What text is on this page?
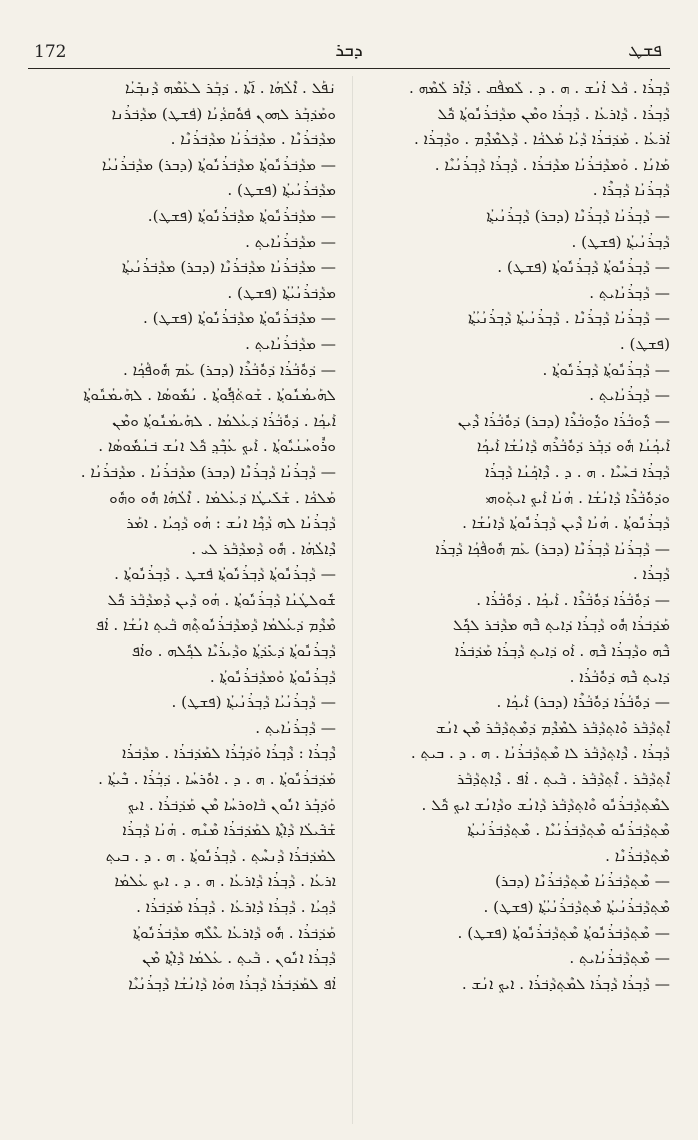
172	ܕܒܪ	ܦܫܛ
ܢ݁ܦܰܠ . ܐܶܠܳܗܳܐ . ܐ݇ܬܳܐ . ܕ݁ܒ݂ܰܪ ܠܥܰܡܶܗ ܕ݁ܰܢܒ݂ܺܝܳܐ
ܘܡܰܕ݁ܒ݂ܰܪ ܠܗܘܢ ܦ݁ܘܽܩܕ݁ܳܢܳܐ (ܦ݁ܫܛ) ܡܕ݁ܰܒ݁ܪܳܢܐ
ܡܕ݁ܰܒ݁ܪܳܢܶܐ . ܡܕ݁ܰܒ݁ܪܳܢܳܐ ܡܕ݁ܰܒ݁ܪܳܢܶܐ .
— ܡܕ݁ܰܒ݁ܪܳܢܽܘܬ݂ܳܐ ܡܕ݁ܰܒ݁ܪܳܢܽܘܬ݂ܳܐ (ܕܒܪ) ܡܕ݁ܰܒ݁ܪܳܢܳܝܳܐ
ܡܕ݁ܰܒ݁ܪܳܢܳܝܬ݂ܳܐ (ܦܫܛ) .
— ܡܕ݁ܰܒ݁ܪܳܢܽܘܬ݂ܳܐ ܡܕ݁ܰܒ݁ܪܳܢܽܘܬ݂ܳܐ (ܦܫܛ).
— ܡܕ݁ܰܒ݁ܪܳܢܳܐܝܬ݂ .
— ܡܕ݁ܰܒ݁ܪܳܢܳܐ ܡܕ݁ܰܒ݁ܪܳܢܶܐ (ܕܒܪ) ܡܕ݁ܰܒ݁ܪܳܢܳܝܬ݂ܳܐ
ܡܕ݁ܰܒ݁ܪܳܢܳܝܳܬ݂ܳܐ (ܦܫܛ) .
— ܡܕ݁ܰܒ݁ܪܳܢܽܘܬ݂ܳܐ ܡܕ݁ܰܒ݁ܪܳܢܽܘܬ݂ܳܐ (ܦܫܛ) .
— ܡܕ݁ܰܒ݁ܪܳܢܳܐܝܬ݂ .
— ܕ݁ܘܽܒ݁ܳܪܳܐ ܕ݁ܘܽܒ݁ܳܪܶܐ (ܕܒܪ) ܥܰܡ ܗܽܘܦ݁ܳܟ݂ܳܐ .
ܠܗܰܝܡܳܢܽܘܬ݂ܳܐ . ܫܰܘܬ݁ܳܦ݂ܽܘܬ݂ܳܐ . ܢܳܡܽܘܣܳܐ . ܠܗܰܝܡܳܢܽܘܬ݂ܳܐ
ܐܰܝܟ݂ܳܐ . ܕ݁ܘܽܒ݁ܳܪܳܐ ܕ݁ܥܳܠܡܳܐ . ܠܗܰܝܡܳܢܽܘܬ݂ܳܐ ܘܡܶܢ
ܘܪܽܘܚܳܢܳܝܽܘܬ݂ܳܐ . ܐܰܝܟ݂ ܥܳܒ݂ܶܕ݂ ܟ݁ܽܠ ܐܢܳܫ ܒ݁ܢܳܡܽܘܣܳܐ .
— ܕ݁ܰܒ݂ܪܳܢܳܐ ܕ݁ܰܒ݂ܪܳܢܶܐ (ܕܒܪ) ܡܕ݁ܰܒ݁ܪܳܢܳܐ . ܡܕ݁ܰܒ݁ܪܳܢܳܐ .
ܡܰܠܟ݁ܳܐ . ܫܰܠܺܝܛܳܐ ܕ݁ܥܳܠܡܳܐ . ܐܶܠܳܗܳܐ ܗܽܘ ܘܗܽܘ
ܕ݁ܰܒ݂ܪܳܢܳܐ ܠܗ ܕ݁ܳܟ݂ܶܐ ܐܢܳܫ : ܗܳܘ ܕ݁ܰܟ݂ܝܳܐ . ܐܡܰܪ
ܕ݁ܶܐܠܳܗܳܐ . ܗܽܘ ܕ݁ܰܡܕ݁ܰܒ݁ܰܪ ܠܝ .
— ܕ݁ܰܒ݂ܪܳܢܽܘܬ݂ܳܐ ܕ݁ܰܒ݂ܪܳܢܽܘܬ݂ܳܐ ܦ݁ܫܛ . ܕ݁ܰܒ݂ܪܳܢܽܘܬ݂ܳܐ .
ܫܽܘܠܛܳܢܳܐ ܕ݁ܰܒ݂ܪܳܢܽܘܬ݂ܳܐ . ܗܳܘ ܕ݁ܰܝܢ ܕ݁ܰܡܕ݁ܰܒ݁ܰܪ ܟ݁ܽܠ
ܡܶܕ݁ܶܡ ܕ݁ܥܳܠܡܳܐ ܕ݁ܰܡܕ݁ܰܒ݁ܪܳܢܽܘܬ݂ܶܗ ܒ݁ܰܝܬ݂ ܐܢܳܫܳܐ . ܐܳܦ
ܕ݁ܰܒ݂ܪܳܢܽܘܬ݂ܳܐ ܕ݁ܥܺܕ݁ܬ݂ܳܐ ܘܕ݁ܰܝܪܳܝܶܐ ܠܟ݂ܽܠܗ . ܘܐܳܦ
ܕ݁ܰܒ݂ܪܳܢܽܘܬ݂ܳܐ ܘܰܡܕ݁ܰܒ݁ܪܳܢܽܘܬ݂ܳܐ .
— ܕ݁ܰܒ݂ܪܳܢܳܝܳܐ ܕ݁ܰܒ݂ܪܳܢܳܝܬ݂ܳܐ (ܦܫܛ) .
— ܕ݁ܰܒ݂ܪܳܢܳܐܝܬ݂ .
ܕ݁ܶܒ݂ܪܳܐ : ܕ݁ܶܒ݂ܪܳܐ ܘܰܕ݁ܒ݂ܳܪܳܐ ܠܡܰܕ݁ܒ݁ܪܳܐ . ܡܕ݁ܰܒ݁ܪܳܐ
ܡܰܕ݁ܒ݁ܪܳܢܽܘܬ݂ܳܐ . ܗ . ܕ . ܐܘܽܪܚܳܐ . ܕ݁ܒ݂ܳܪܳܐ . ܒܶܝܬ݂ܳܐ .
ܘܰܕ݁ܒ݂ܰܪ ܐܢܽܘܢ ܒ݁ܰܐܘܪܚܳܐ ܡܶܢ ܡܰܕ݁ܒ݁ܪܳܐ . ܐܝܟ݂
ܫܰܒ݁ܺܝܠܳܐ ܕ݁ܰܐܬ݂ܶܐ ܠܡܰܕ݁ܒ݁ܪܳܐ ܡܶܢܶܗ . ܗܳܢܳܐ ܕ݁ܰܒ݂ܪܳܐ
ܠܡܰܕ݁ܒ݁ܪܳܐ ܕ݁ܰܢܚܶܬ݂ . ܕ݁ܰܒ݂ܪܳܢܽܘܬ݂ܳܐ . ܗ . ܕ . ܒܝܬ݂
ܐܪܥܳܐ . ܕ݁ܰܒ݂ܪܳܐ ܕ݁ܰܐܪܥܳܐ . ܗ . ܕ . ܐܝܟ݂ ܥܳܠܡܳܐ
ܕ݁ܰܟ݂ܝܳܐ . ܕ݁ܰܒ݂ܪܳܐ ܕ݁ܰܐܪܥܳܐ . ܕ݁ܰܒ݂ܪܳܐ ܡܰܕ݁ܒ݁ܪܳܐ .
ܡܰܕ݁ܒ݁ܪܳܐ . ܗܽܘ ܕ݁ܰܐܪܥܳܐ ܥܶܠܶܗ ܡܕ݁ܰܒ݁ܪܳܢܽܘܬ݂ܳܐ
ܕ݁ܰܒ݂ܪܳܐ ܐܢܽܘܢ . ܒ݁ܰܝܬ݂ . ܥܳܠܡܳܐ ܕ݁ܰܐܬ݂ܶܐ ܡܶܢ
ܐܳܦ ܠܡܰܕ݁ܒ݁ܪܳܐ ܕ݁ܰܒ݂ܪܳܐ ܗܘܳܐ ܕ݁ܰܐܢܳܫܳܐ ܕ݁ܰܒ݂ܪܳܢܳܝܶܐ
ܕ݁ܰܒ݂ܪܳܐ . ܟ݁ܰܠ ܐܳܢܳܫ . ܗ . ܕ . ܠܰܡܦ݁ܳܩ . ܕ݁ܳܐܶܪ ܠܰܡܶܗ .
ܕ݁ܰܒ݂ܪܳܐ . ܕ݁ܰܐܪܥܳܐ . ܕ݁ܰܒ݂ܪܳܐ ܘܡܶܢ ܡܕ݁ܰܒ݁ܪܳܢܽܘܬ݂ܳܐ ܟ݁ܽܠ
ܐܳܪܥܳܐ . ܡܰܕ݁ܒ݁ܪܳܐ ܕ݁ܰܝܳܐ ܡܰܠܟ݁ܳܐ . ܕ݁ܰܠܡܶܕ݁ܶܡ . ܘܕ݁ܰܒ݂ܪܳܐ .
ܡܰܐܢܳܐ . ܘܰܡܕ݁ܰܒ݁ܪܳܢܳܐ ܡܕ݁ܰܒ݁ܪܳܐ . ܕ݁ܰܒ݂ܪܳܐ ܕ݁ܰܒ݂ܪܳܢܳܝܶܐ .
ܕ݁ܰܒ݂ܪܳܢܳܐ ܕ݁ܰܒ݂ܪܶܐ .
— ܕ݁ܰܒ݂ܪܳܢܳܐ ܕ݁ܰܒ݂ܪܳܢܶܐ (ܕܒܪ) ܕ݁ܰܒ݂ܪܳܢܳܝܬ݂ܳܐ
ܕ݁ܰܒ݂ܪܳܢܳܝܬ݂ܳܐ (ܦܫܛ) .
— ܕ݁ܰܒ݂ܪܳܢܽܘܬ݂ܳܐ ܕ݁ܰܒ݂ܪܳܢܽܘܬ݂ܳܐ (ܦܫܛ) .
— ܕ݁ܰܒ݂ܪܳܢܳܐܝܬ݂ .
— ܕ݁ܰܒ݂ܪܳܢܳܐ ܕ݁ܰܒ݂ܪܳܢܶܐ . ܕ݁ܰܒ݂ܪܳܢܳܝܬ݂ܳܐ ܕ݁ܰܒ݂ܪܳܢܳܝܳܬ݂ܳܐ
(ܦܫܛ) .
— ܕ݁ܰܒ݂ܪܳܢܽܘܬ݂ܳܐ ܕ݁ܰܒ݂ܪܳܢܽܘܬ݂ܳܐ .
— ܕ݁ܰܒ݂ܪܳܢܳܐܝܬ݂ .
— ܕ݁ܽܘܒ݁ܳܪܳܐ ܘܕ݁ܽܘܒ݁ܳܪܶܐ (ܕܒܪ) ܕ݁ܘܽܒ݁ܳܪܳܐ ܕ݁ܶܝܢ
ܐܰܝܟ݂ܳܢܳܐ ܗܽܘ ܕ݁ܒ݂ܰܪ ܕ݁ܘܽܒ݁ܳܪܶܗ ܕ݁ܰܐܢܳܫܳܐ ܐܰܝܟ݂ܳܐ
ܕ݁ܰܒ݂ܪܳܐ ܒ݁ܚܰܝܶܐ . ܗ . ܕ . ܕ݁ܶܐܟ݂ܰܢܳܐ ܕ݁ܰܒ݂ܪܳܐ
ܘܕ݁ܘܽܒ݁ܳܪܶܐ ܕ݁ܰܐܢܳܫܳܐ . ܗܳܢܳܐ ܐܰܝܟ݂ ܐܝܬ݂ܰܘܗܝ
ܕ݁ܰܒ݂ܪܳܢܽܘܬ݂ܳܐ . ܗܳܢܳܐ ܕ݁ܶܝܢ ܕ݁ܰܒ݂ܪܳܢܽܘܬ݂ܳܐ ܕ݁ܰܐܢܳܫܳܐ .
— ܕ݁ܰܒ݂ܪܳܢܳܐ ܕ݁ܰܒ݂ܪܳܢܶܐ (ܕܒܪ) ܥܰܡ ܗܽܘܦ݁ܳܟ݂ܳܐ ܕ݁ܰܒ݂ܪܳܐ
ܕ݁ܰܒ݂ܪܳܐ .
— ܕ݁ܘܽܒ݁ܳܪܳܐ ܕ݁ܘܽܒ݁ܳܪܶܐ . ܐܰܝܟ݂ܳܐ . ܕ݁ܘܽܒ݁ܳܪܳܐ .
ܡܰܕ݁ܒ݁ܪܳܐ ܗܽܘ ܕ݁ܰܒ݂ܪܳܐ ܕ݁ܐܝܬ݂ ܒ݁ܶܗ ܡܕ݁ܰܒ݁ܪ ܠܟ݂ܽܠ
ܒ݁ܶܗ ܘܕ݁ܰܒ݂ܪܳܐ ܒ݁ܶܗ . ܐܰܘ ܕ݁ܐܝܬ݂ ܕ݁ܰܒ݂ܪܳܐ ܡܰܕ݁ܒ݁ܪܳܐ
ܕ݁ܐܝܬ݂ ܒ݁ܶܗ ܕ݁ܘܽܒ݁ܳܪܳܐ .
— ܕ݁ܘܽܒ݁ܳܪܳܐ ܕ݁ܘܽܒ݁ܳܪܶܐ (ܕܒܪ) ܐܰܝܟ݂ܳܐ .
ܐܶܬ݂ܕ݁ܰܒ݁ܰܪ ܘܶܐܬ݂ܕ݁ܰܒ݁ܰܪ ܠܡܶܕ݁ܶܡ ܕ݁ܡܶܬ݂ܕ݁ܰܒ݁ܰܪ ܡܶܢ ܐܢܳܫ
ܕ݁ܰܒ݂ܪܳܐ . ܕ݁ܶܐܬ݂ܕ݁ܰܒ݁ܰܪ ܠܐ ܡܶܬ݂ܕ݁ܰܒ݁ܪܳܢܳܐ . ܗ . ܕ . ܒܝܬ݂ .
ܐܶܬ݂ܕ݁ܰܒ݁ܰܪ . ܐܶܬ݂ܕ݁ܰܒ݁ܰܪ . ܒ݁ܰܝܬ݂ . ܐܳܦ . ܕ݁ܶܐܬ݂ܕ݁ܰܒ݁ܰܪ
ܠܡܶܬ݂ܕ݁ܰܒ݁ܪܳܢܽܘ ܘܶܐܬ݂ܕ݁ܰܒ݁ܰܪ ܕ݁ܰܐܢܳܫ ܘܕ݁ܰܐܢܳܫ ܐܝܟ݂ ܟ݁ܽܠ .
ܡܶܬ݂ܕ݁ܰܒ݁ܪܳܢܽܘ ܡܶܬ݂ܕ݁ܰܒ݁ܪܳܢܳܝܶܐ . ܡܶܬ݂ܕ݁ܰܒ݁ܪܳܢܳܝܬ݂ܳܐ
ܡܶܬ݂ܕ݁ܰܒ݁ܪܳܢܶܐ .
— ܡܶܬ݂ܕ݁ܰܒ݁ܪܳܢܳܐ ܡܶܬ݂ܕ݁ܰܒ݁ܪܳܢܶܐ (ܕܒܪ)
ܡܶܬ݂ܕ݁ܰܒ݁ܪܳܢܳܝܬ݂ܳܐ ܡܶܬ݂ܕ݁ܰܒ݁ܪܳܢܳܝܳܬ݂ܳܐ (ܦܫܛ) .
— ܡܶܬ݂ܕ݁ܰܒ݁ܪܳܢܽܘܬ݂ܳܐ ܡܶܬ݂ܕ݁ܰܒ݁ܪܳܢܽܘܬ݂ܳܐ (ܦܫܛ) .
— ܡܶܬ݂ܕ݁ܰܒ݁ܪܳܢܳܐܝܬ݂ .
— ܕ݁ܰܒ݂ܪܳܐ ܕ݁ܰܒ݂ܪܳܐ ܠܡܶܬ݂ܕ݁ܰܒ݁ܪܳܐ . ܐܝܟ݂ ܐܢܳܫ .
